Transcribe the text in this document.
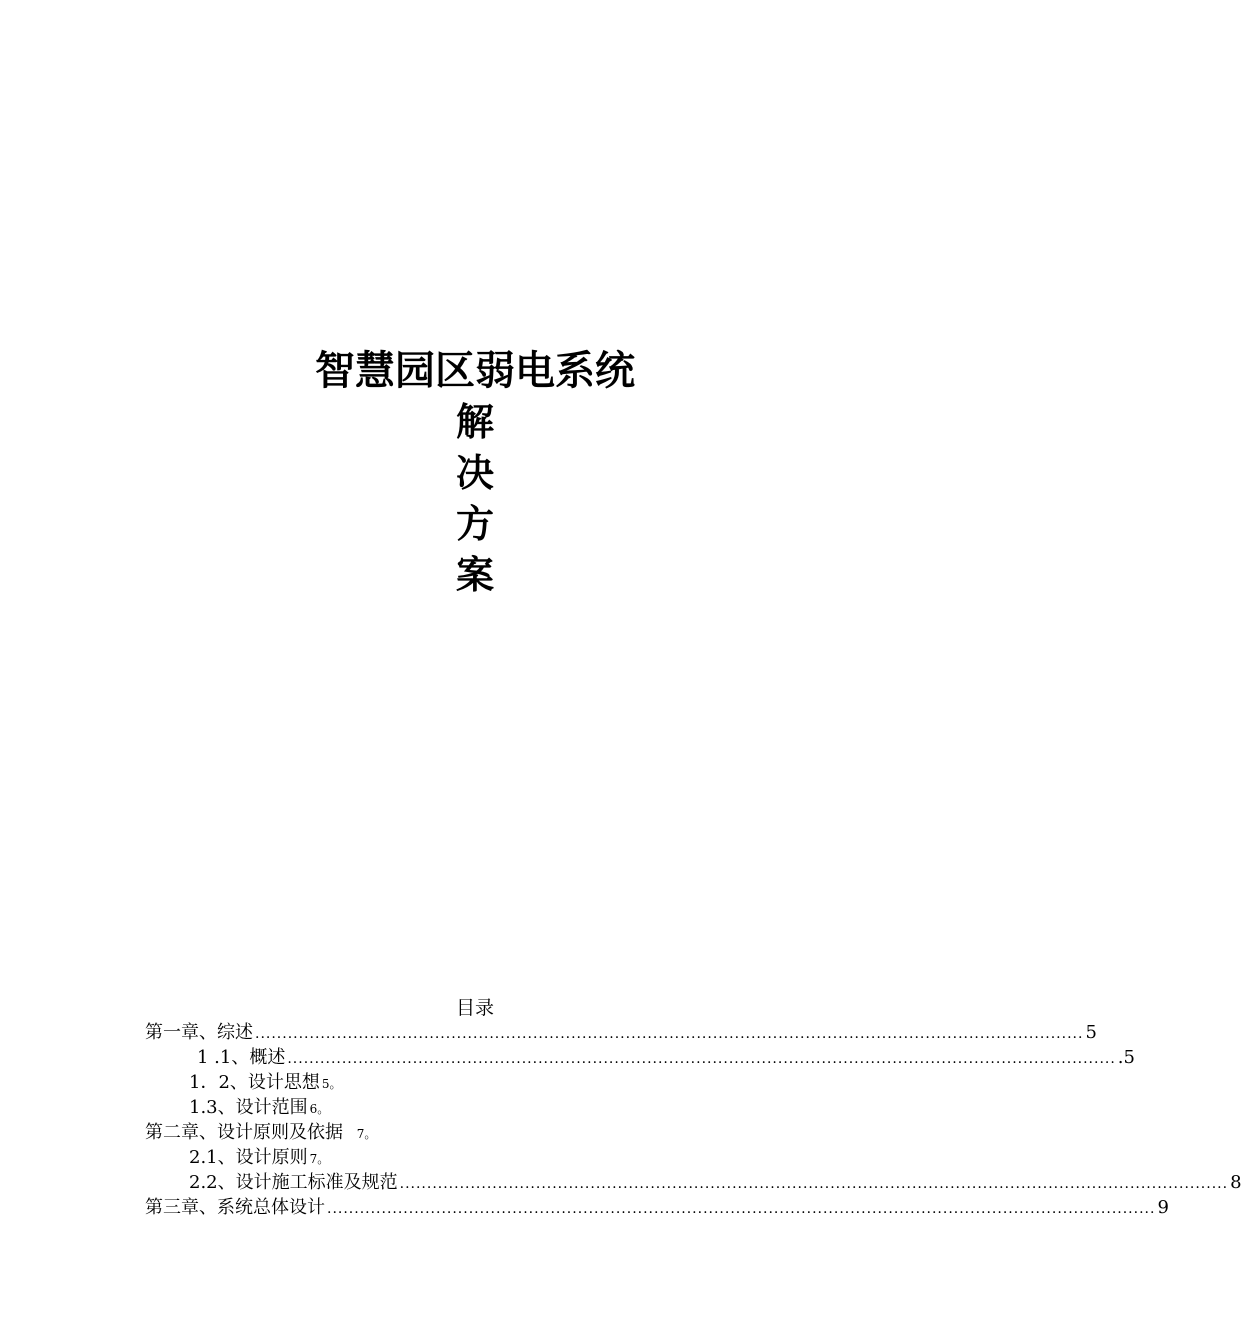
智慧园区弱电系统
解
决
方
案
目录
第一章、综述 ........................................................................................................................................................ 5
1 .1、概述 ........................................................................................................................................................ .5
1．2、设计思想 5。
1.3、设计范围 6。
第二章、设计原则及依据 7。
2.1、设计原则 7。
2.2、设计施工标准及规范 ........................................................................................................................................................ 8
第三章、系统总体设计 ........................................................................................................................................................ 9
